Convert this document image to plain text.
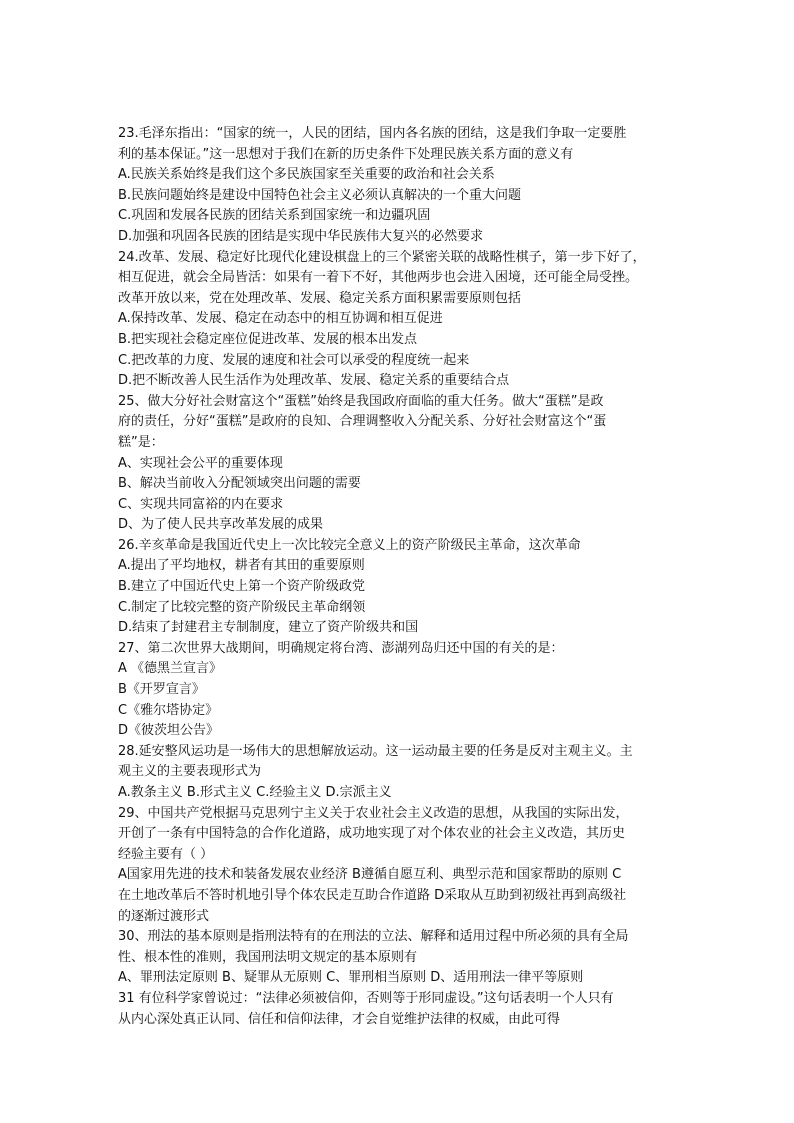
23.毛泽东指出：“国家的统一，人民的团结，国内各名族的团结，这是我们争取一定要胜
利的基本保证。”这一思想对于我们在新的历史条件下处理民族关系方面的意义有
A.民族关系始终是我们这个多民族国家至关重要的政治和社会关系
B.民族问题始终是建设中国特色社会主义必须认真解决的一个重大问题
C.巩固和发展各民族的团结关系到国家统一和边疆巩固
D.加强和巩固各民族的团结是实现中华民族伟大复兴的必然要求
24.改革、发展、稳定好比现代化建设棋盘上的三个紧密关联的战略性棋子，第一步下好了，
相互促进，就会全局皆活：如果有一着下不好，其他两步也会进入困境，还可能全局受挫。
改革开放以来，党在处理改革、发展、稳定关系方面积累需要原则包括
A.保持改革、发展、稳定在动态中的相互协调和相互促进
B.把实现社会稳定座位促进改革、发展的根本出发点
C.把改革的力度、发展的速度和社会可以承受的程度统一起来
D.把不断改善人民生活作为处理改革、发展、稳定关系的重要结合点
25、做大分好社会财富这个“蛋糕”始终是我国政府面临的重大任务。做大“蛋糕”是政
府的责任，分好“蛋糕”是政府的良知、合理调整收入分配关系、分好社会财富这个“蛋
糕”是：
A、实现社会公平的重要体现
B、解决当前收入分配领域突出问题的需要
C、实现共同富裕的内在要求
D、为了使人民共享改革发展的成果
26.辛亥革命是我国近代史上一次比较完全意义上的资产阶级民主革命，这次革命
A.提出了平均地权，耕者有其田的重要原则
B.建立了中国近代史上第一个资产阶级政党
C.制定了比较完整的资产阶级民主革命纲领
D.结束了封建君主专制制度，建立了资产阶级共和国
27、第二次世界大战期间，明确规定将台湾、澎湖列岛归还中国的有关的是：
A 《德黑兰宣言》
B《开罗宣言》
C《雅尔塔协定》
D《彼茨坦公告》
28.延安整风运功是一场伟大的思想解放运动。这一运动最主要的任务是反对主观主义。主
观主义的主要表现形式为
A.教条主义 B.形式主义 C.经验主义 D.宗派主义
29、中国共产党根据马克思列宁主义关于农业社会主义改造的思想，从我国的实际出发，
开创了一条有中国特急的合作化道路，成功地实现了对个体农业的社会主义改造，其历史
经验主要有（ ）
A国家用先进的技术和装备发展农业经济 B遵循自愿互利、典型示范和国家帮助的原则 C
在土地改革后不答时机地引导个体农民走互助合作道路 D采取从互助到初级社再到高级社
的逐渐过渡形式
30、刑法的基本原则是指刑法特有的在刑法的立法、解释和适用过程中所必须的具有全局
性、根本性的准则，我国刑法明文规定的基本原则有
A、罪刑法定原则 B、疑罪从无原则 C、罪刑相当原则 D、适用刑法一律平等原则
31 有位科学家曾说过：“法律必须被信仰，否则等于形同虚设。”这句话表明一个人只有
从内心深处真正认同、信任和信仰法律，才会自觉维护法律的权威，由此可得
